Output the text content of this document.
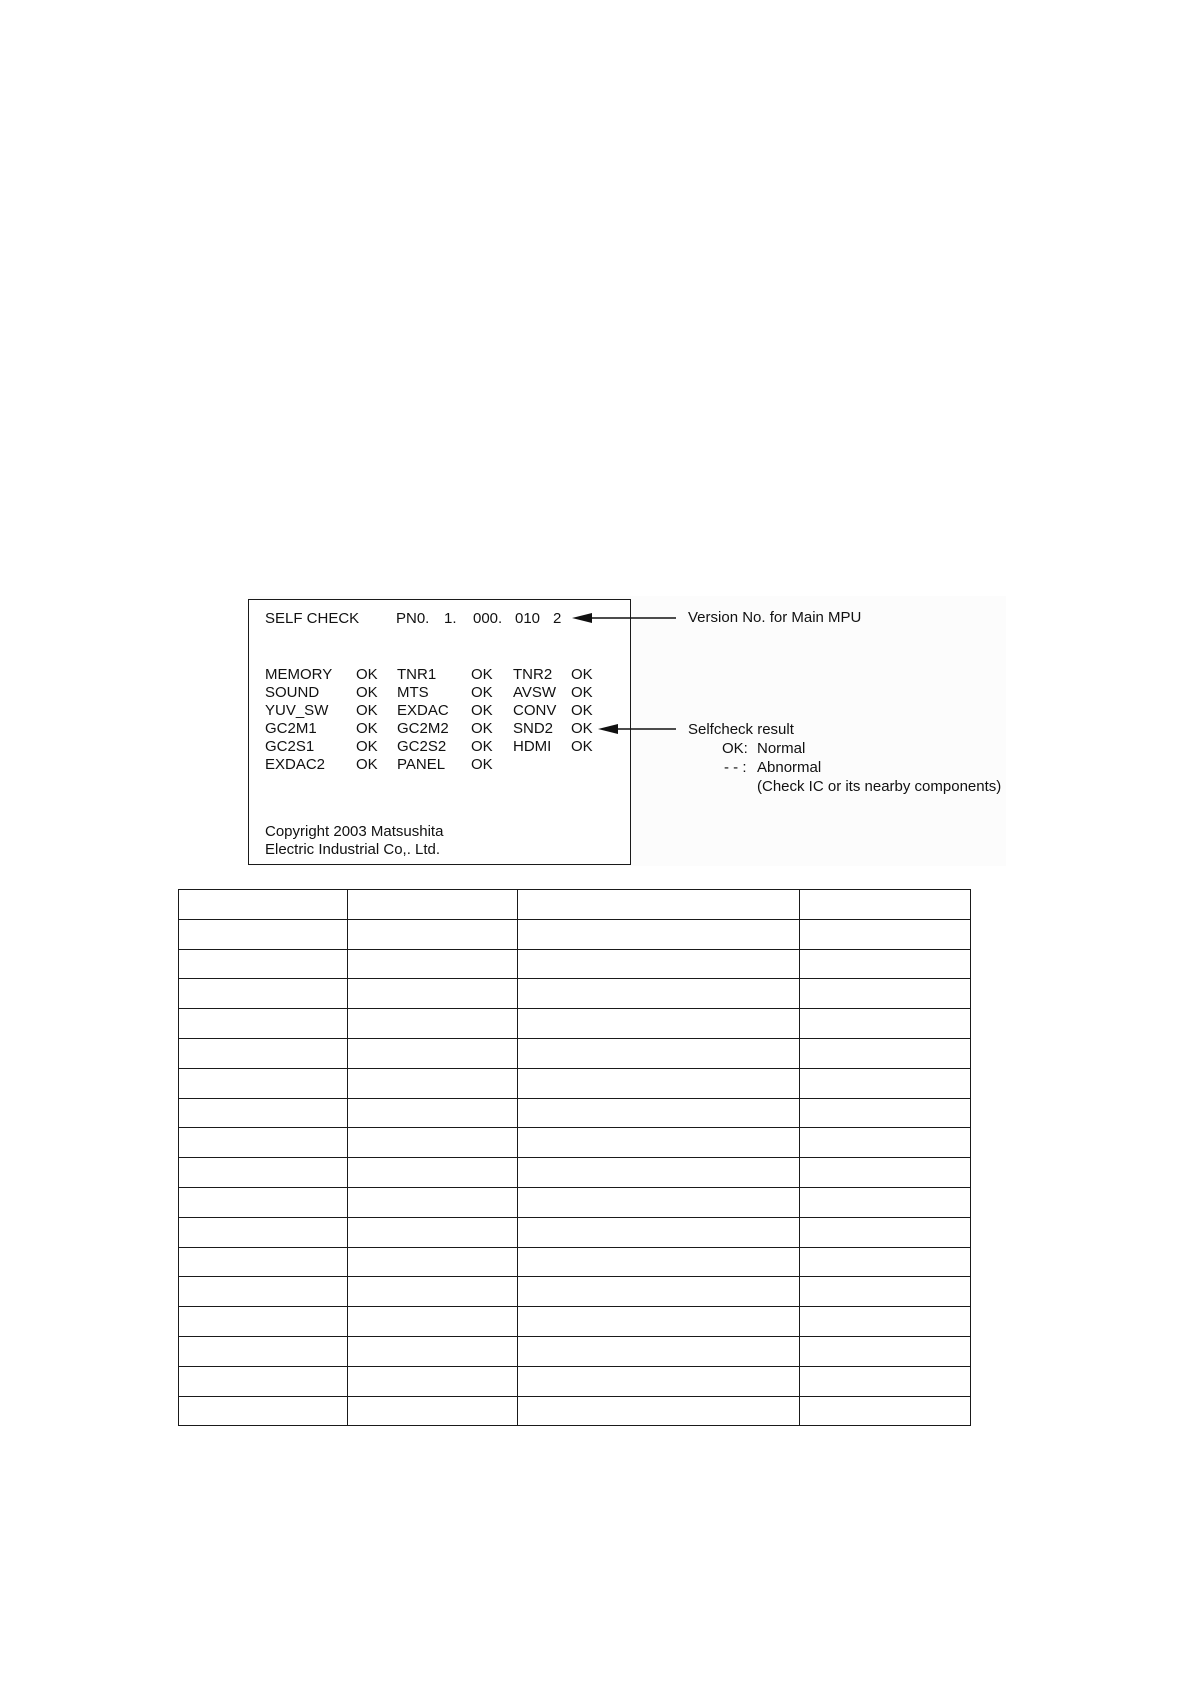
SELF CHECK PN0. 1. 000. 010 2
MEMORY OK TNR1 OK TNR2 OK
SOUND OK MTS	OK AVSW OK
YUV_SW OK EXDAC OK CONV OK
GC2M1	OK GC2M2 OK SND2 OK
GC2S1	OK GC2S2 OK HDMI OK
EXDAC2 OK PANEL OK
Copyright 2003 Matsushita
Electric Industrial Co,. Ltd.
Version No. for Main MPU
Selfcheck result
OK: Normal
- - : Abnormal
(Check IC or its nearby components)
